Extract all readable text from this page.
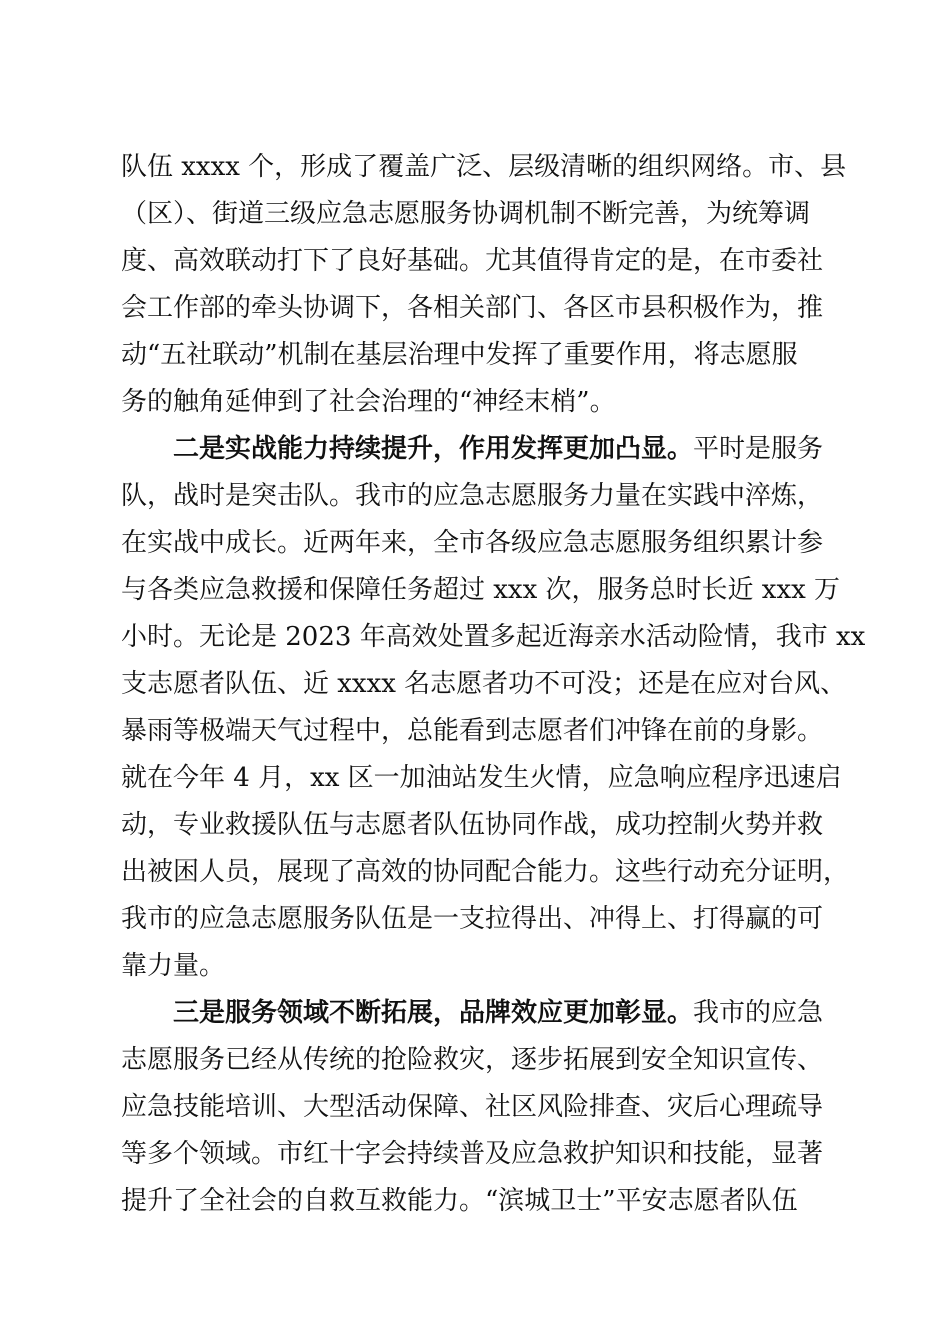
队伍 xxxx 个，形成了覆盖广泛、层级清晰的组织网络。市、县
（区）、街道三级应急志愿服务协调机制不断完善，为统筹调
度、高效联动打下了良好基础。尤其值得肯定的是，在市委社
会工作部的牵头协调下，各相关部门、各区市县积极作为，推
动“五社联动”机制在基层治理中发挥了重要作用，将志愿服
务的触角延伸到了社会治理的“神经末梢”。
二是实战能力持续提升，作用发挥更加凸显。平时是服务
队，战时是突击队。我市的应急志愿服务力量在实践中淬炼，
在实战中成长。近两年来，全市各级应急志愿服务组织累计参
与各类应急救援和保障任务超过 xxx 次，服务总时长近 xxx 万
小时。无论是 2023 年高效处置多起近海亲水活动险情，我市 xx
支志愿者队伍、近 xxxx 名志愿者功不可没；还是在应对台风、
暴雨等极端天气过程中，总能看到志愿者们冲锋在前的身影。
就在今年 4 月，xx 区一加油站发生火情，应急响应程序迅速启
动，专业救援队伍与志愿者队伍协同作战，成功控制火势并救
出被困人员，展现了高效的协同配合能力。这些行动充分证明，
我市的应急志愿服务队伍是一支拉得出、冲得上、打得赢的可
靠力量。
三是服务领域不断拓展，品牌效应更加彰显。我市的应急
志愿服务已经从传统的抢险救灾，逐步拓展到安全知识宣传、
应急技能培训、大型活动保障、社区风险排查、灾后心理疏导
等多个领域。市红十字会持续普及应急救护知识和技能，显著
提升了全社会的自救互救能力。“滨城卫士”平安志愿者队伍
